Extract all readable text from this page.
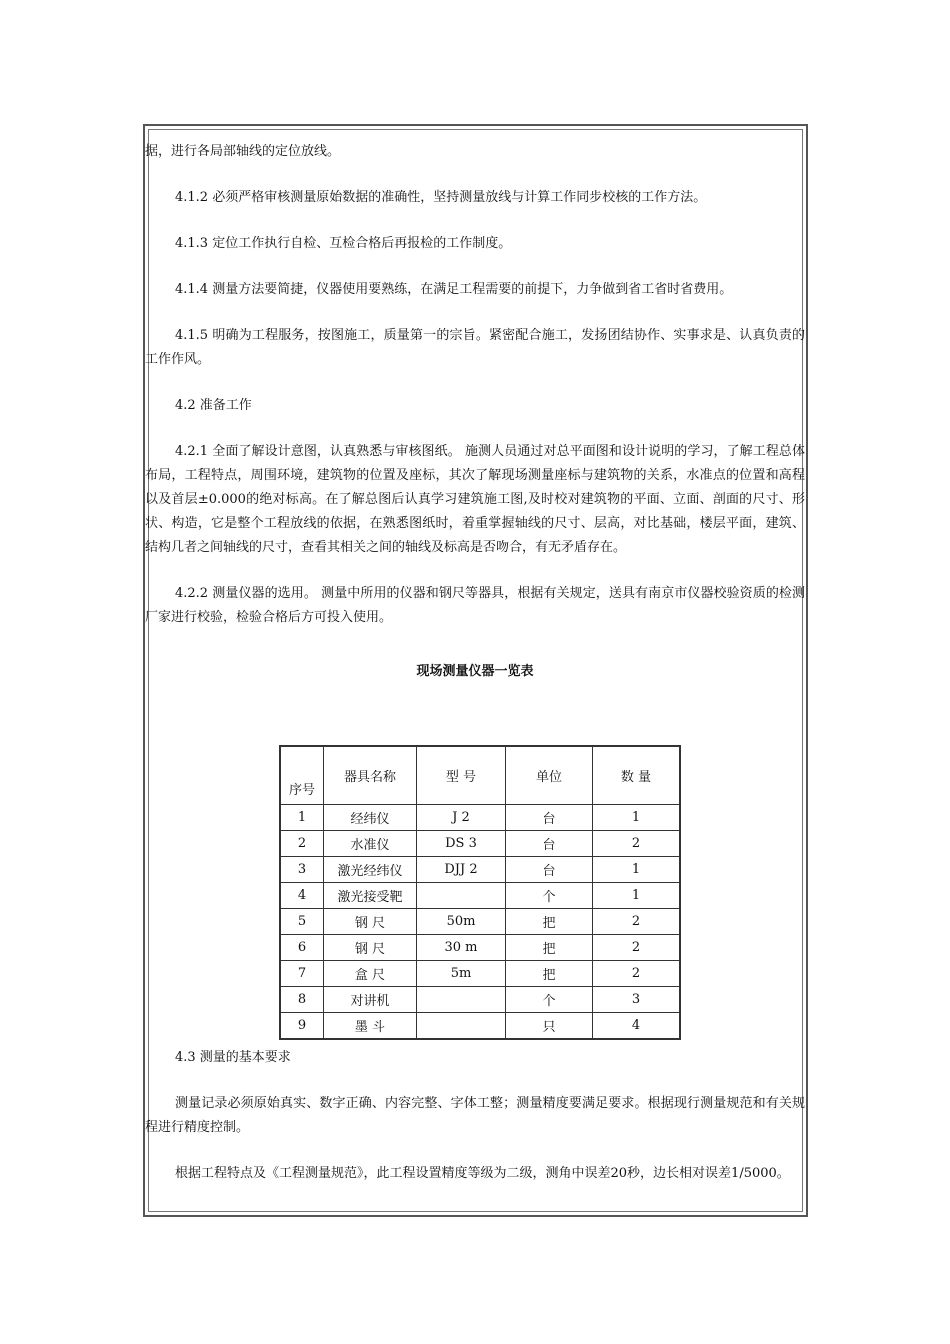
据，进行各局部轴线的定位放线。

4.1.2 必须严格审核测量原始数据的准确性，坚持测量放线与计算工作同步校核的工作方法。

4.1.3 定位工作执行自检、互检合格后再报检的工作制度。

4.1.4 测量方法要简捷，仪器使用要熟练，在满足工程需要的前提下，力争做到省工省时省费用。

4.1.5 明确为工程服务，按图施工，质量第一的宗旨。紧密配合施工，发扬团结协作、实事求是、认真负责的工作作风。

4.2 准备工作

4.2.1 全面了解设计意图，认真熟悉与审核图纸。 施测人员通过对总平面图和设计说明的学习，了解工程总体布局，工程特点，周围环境，建筑物的位置及座标，其次了解现场测量座标与建筑物的关系，水准点的位置和高程以及首层±0.000的绝对标高。在了解总图后认真学习建筑施工图,及时校对建筑物的平面、立面、剖面的尺寸、形状、构造，它是整个工程放线的依据，在熟悉图纸时，着重掌握轴线的尺寸、层高，对比基础，楼层平面，建筑、结构几者之间轴线的尺寸，查看其相关之间的轴线及标高是否吻合，有无矛盾存在。

4.2.2 测量仪器的选用。 测量中所用的仪器和钢尺等器具，根据有关规定，送具有南京市仪器校验资质的检测厂家进行校验，检验合格后方可投入使用。

现场测量仪器一览表

序号	器具名称	型 号	单位	数 量
1	经纬仪	J 2	台	1
2	水准仪	DS 3	台	2
3	激光经纬仪	DJJ 2	台	1
4	激光接受靶		个	1
5	钢 尺	50m	把	2
6	钢 尺	30 m	把	2
7	盒 尺	5m	把	2
8	对讲机		个	3
9	墨 斗		只	4

4.3 测量的基本要求

测量记录必须原始真实、数字正确、内容完整、字体工整；测量精度要满足要求。根据现行测量规范和有关规程进行精度控制。

根据工程特点及《工程测量规范》，此工程设置精度等级为二级，测角中误差20秒，边长相对误差1/5000。
